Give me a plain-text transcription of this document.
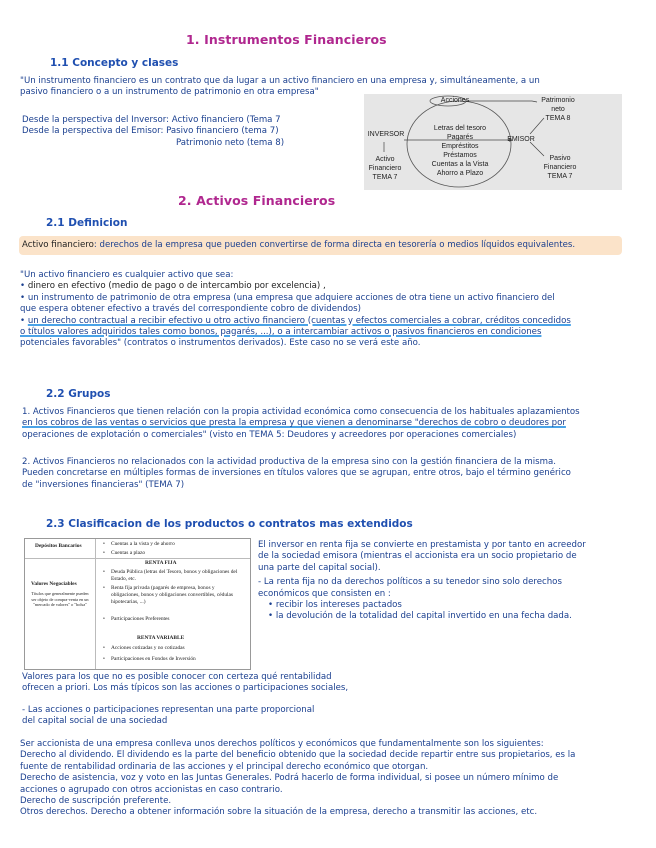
1. Instrumentos Financieros
1.1 Concepto y clases
"Un instrumento financiero es un contrato que da lugar a un activo financiero en una empresa y, simultáneamente, a un
pasivo financiero o a un instrumento de patrimonio en otra empresa"
Desde la perspectiva del Inversor: Activo financiero (Tema 7
Desde la perspectiva del Emisor: Pasivo financiero (tema 7)
Patrimonio neto (tema 8)
Acciones
INVERSOR
EMISOR
Letras del tesoro
Pagarés
Empréstitos
Préstamos
Cuentas a la Vista
Ahorro a Plazo
Activo
Financiero
TEMA 7
Patrimonio
neto
TEMA 8
Pasivo
Financiero
TEMA 7
2. Activos Financieros
2.1 Definicion
Activo financiero: derechos de la empresa que pueden convertirse de forma directa en tesorería o medios líquidos equivalentes.
"Un activo financiero es cualquier activo que sea:
• dinero en efectivo (medio de pago o de intercambio por excelencia) ,
• un instrumento de patrimonio de otra empresa (una empresa que adquiere acciones de otra tiene un activo financiero del
que espera obtener efectivo a través del correspondiente cobro de dividendos)
• un derecho contractual a recibir efectivo u otro activo financiero (cuentas y efectos comerciales a cobrar, créditos concedidos
o títulos valores adquiridos tales como bonos, pagarés, ...), o a intercambiar activos o pasivos financieros en condiciones
potenciales favorables" (contratos o instrumentos derivados). Este caso no se verá este año.
2.2 Grupos
1. Activos Financieros que tienen relación con la propia actividad económica como consecuencia de los habituales aplazamientos
en los cobros de las ventas o servicios que presta la empresa y que vienen a denominarse "derechos de cobro o deudores por
operaciones de explotación o comerciales" (visto en TEMA 5: Deudores y acreedores por operaciones comerciales)
2. Activos Financieros no relacionados con la actividad productiva de la empresa sino con la gestión financiera de la misma.
Pueden concretarse en múltiples formas de inversiones en títulos valores que se agrupan, entre otros, bajo el término genérico
de "inversiones financieras" (TEMA 7)
2.3 Clasificacion de los productos o contratos mas extendidos
Depósitos Bancarios	Cuentas a la vista y de ahorro
Cuentas a plazo
RENTA FIJA
Deuda Pública (letras del Tesoro, bonos y obligaciones del Estado, etc.
Renta fija privada (pagarés de empresa, bonos y obligaciones, bonos y obligaciones convertibles, cédulas hipotecarias, ...)
Participaciones Preferentes
RENTA VARIABLE
Acciones cotizadas y no cotizadas
Participaciones en Fondos de Inversión
Valores Negociables
Títulos que generalmente pueden ser objeto de compra-venta en un "mercado de valores" o "bolsa"
El inversor en renta fija se convierte en prestamista y por tanto en acreedor
de la sociedad emisora (mientras el accionista era un socio propietario de
una parte del capital social).
- La renta fija no da derechos políticos a su tenedor sino solo derechos
económicos que consisten en :
• recibir los intereses pactados
• la devolución de la totalidad del capital invertido en una fecha dada.
Valores para los que no es posible conocer con certeza qué rentabilidad
ofrecen a priori. Los más típicos son las acciones o participaciones sociales,
- Las acciones o participaciones representan una parte proporcional
del capital social de una sociedad
Ser accionista de una empresa conlleva unos derechos políticos y económicos que fundamentalmente son los siguientes:
Derecho al dividendo. El dividendo es la parte del beneficio obtenido que la sociedad decide repartir entre sus propietarios, es la
fuente de rentabilidad ordinaria de las acciones y el principal derecho económico que otorgan.
Derecho de asistencia, voz y voto en las Juntas Generales. Podrá hacerlo de forma individual, si posee un número mínimo de
acciones o agrupado con otros accionistas en caso contrario.
Derecho de suscripción preferente.
Otros derechos. Derecho a obtener información sobre la situación de la empresa, derecho a transmitir las acciones, etc.
